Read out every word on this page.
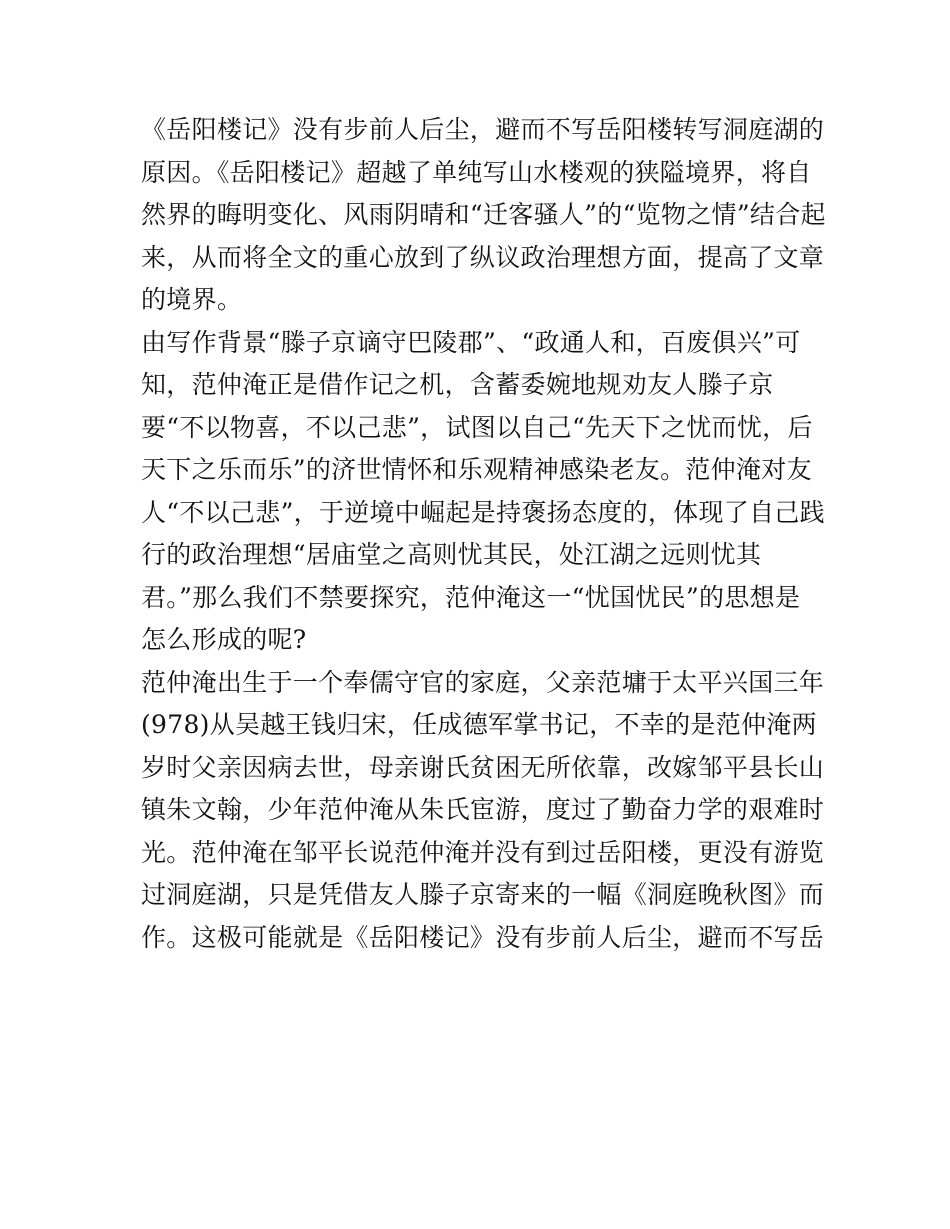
《岳阳楼记》没有步前人后尘，避而不写岳阳楼转写洞庭湖的
原因。《岳阳楼记》超越了单纯写山水楼观的狭隘境界，将自
然界的晦明变化、风雨阴晴和“迁客骚人”的“览物之情”结合起
来，从而将全文的重心放到了纵议政治理想方面，提高了文章
的境界。
由写作背景“滕子京谪守巴陵郡”、“政通人和，百废俱兴”可
知，范仲淹正是借作记之机，含蓄委婉地规劝友人滕子京
要“不以物喜，不以己悲”，试图以自己“先天下之忧而忧，后
天下之乐而乐”的济世情怀和乐观精神感染老友。范仲淹对友
人“不以己悲”，于逆境中崛起是持褒扬态度的，体现了自己践
行的政治理想“居庙堂之高则忧其民，处江湖之远则忧其
君。”那么我们不禁要探究，范仲淹这一“忧国忧民”的思想是
怎么形成的呢?
范仲淹出生于一个奉儒守官的家庭，父亲范墉于太平兴国三年
(978)从吴越王钱归宋，任成德军掌书记，不幸的是范仲淹两
岁时父亲因病去世，母亲谢氏贫困无所依靠，改嫁邹平县长山
镇朱文翰，少年范仲淹从朱氏宦游，度过了勤奋力学的艰难时
光。范仲淹在邹平长说范仲淹并没有到过岳阳楼，更没有游览
过洞庭湖，只是凭借友人滕子京寄来的一幅《洞庭晚秋图》而
作。这极可能就是《岳阳楼记》没有步前人后尘，避而不写岳
